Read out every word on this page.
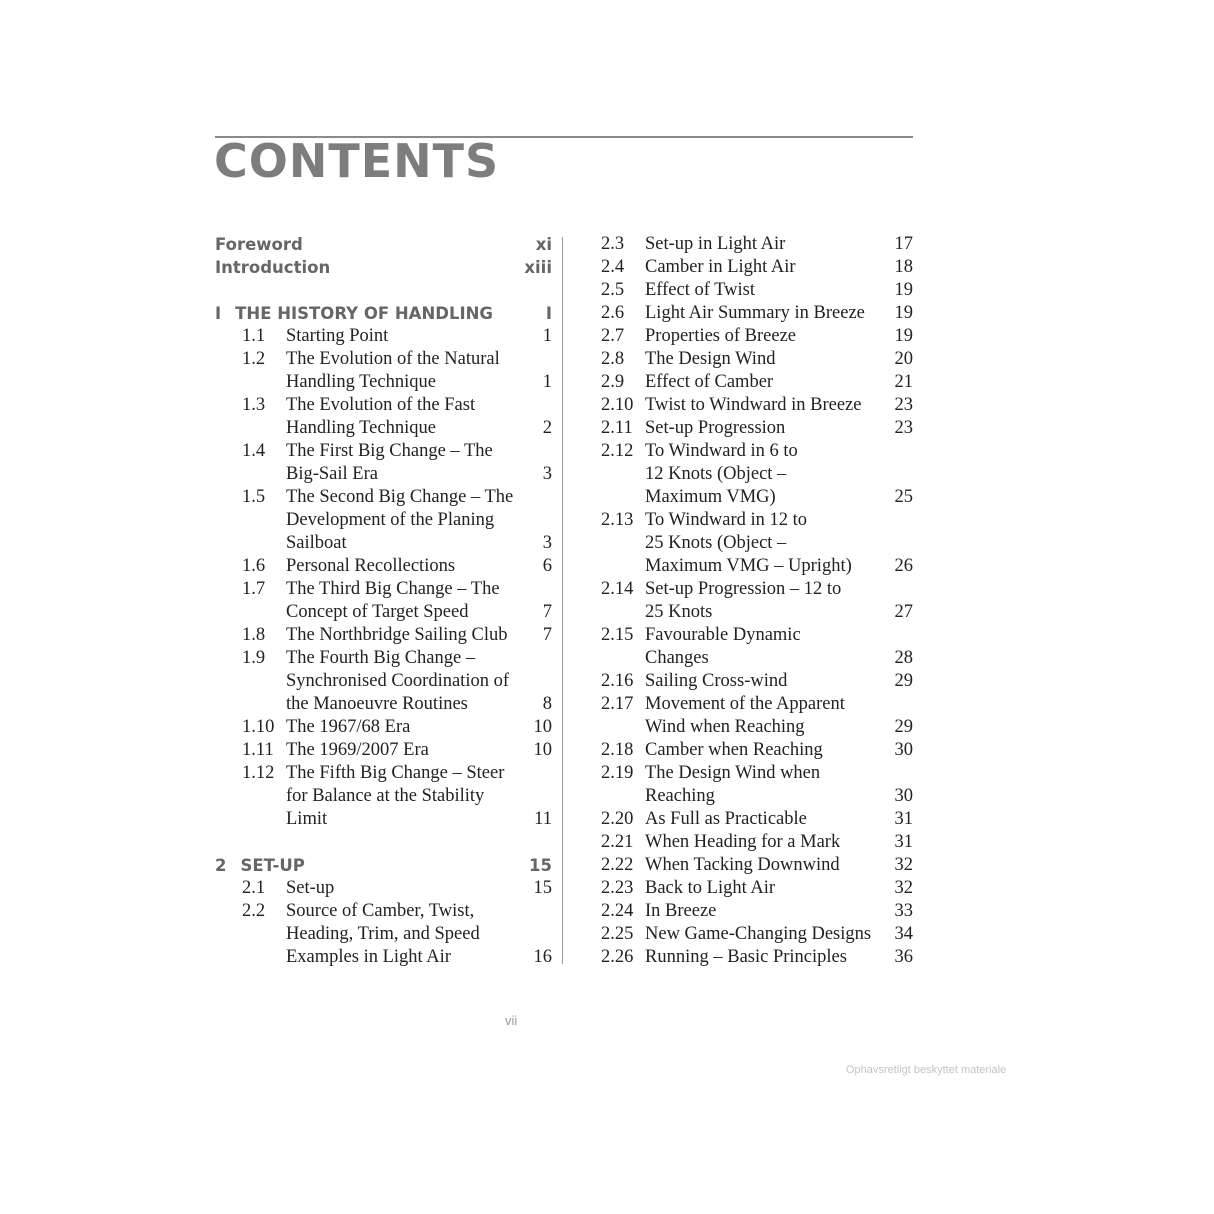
CONTENTS
Foreword	xi
Introduction	xiii
I THE HISTORY OF HANDLING	I
1.1	Starting Point	1
1.2	The Evolution of the Natural
Handling Technique	1
1.3	The Evolution of the Fast
Handling Technique	2
1.4	The First Big Change – The
Big-Sail Era	3
1.5	The Second Big Change – The
Development of the Planing
Sailboat	3
1.6	Personal Recollections	6
1.7	The Third Big Change – The
Concept of Target Speed	7
1.8	The Northbridge Sailing Club	7
1.9	The Fourth Big Change –
Synchronised Coordination of
the Manoeuvre Routines	8
1.10 The 1967/68 Era	10
1.11 The 1969/2007 Era	10
1.12 The Fifth Big Change – Steer
for Balance at the Stability
Limit	11
2 SET-UP	15
2.1	Set-up	15
2.2	Source of Camber, Twist,
Heading, Trim, and Speed
Examples in Light Air	16
2.3	Set-up in Light Air	17
2.4	Camber in Light Air	18
2.5	Effect of Twist	19
2.6	Light Air Summary in Breeze	19
2.7	Properties of Breeze	19
2.8	The Design Wind	20
2.9	Effect of Camber	21
2.10 Twist to Windward in Breeze	23
2.11 Set-up Progression	23
2.12 To Windward in 6 to
12 Knots (Object –
Maximum VMG)	25
2.13 To Windward in 12 to
25 Knots (Object –
Maximum VMG – Upright)	26
2.14 Set-up Progression – 12 to
25 Knots	27
2.15 Favourable Dynamic
Changes	28
2.16 Sailing Cross-wind	29
2.17 Movement of the Apparent
Wind when Reaching	29
2.18 Camber when Reaching	30
2.19 The Design Wind when
Reaching	30
2.20 As Full as Practicable	31
2.21 When Heading for a Mark	31
2.22 When Tacking Downwind	32
2.23 Back to Light Air	32
2.24 In Breeze	33
2.25 New Game-Changing Designs	34
2.26 Running – Basic Principles	36
vii
Ophavsretligt beskyttet materiale
